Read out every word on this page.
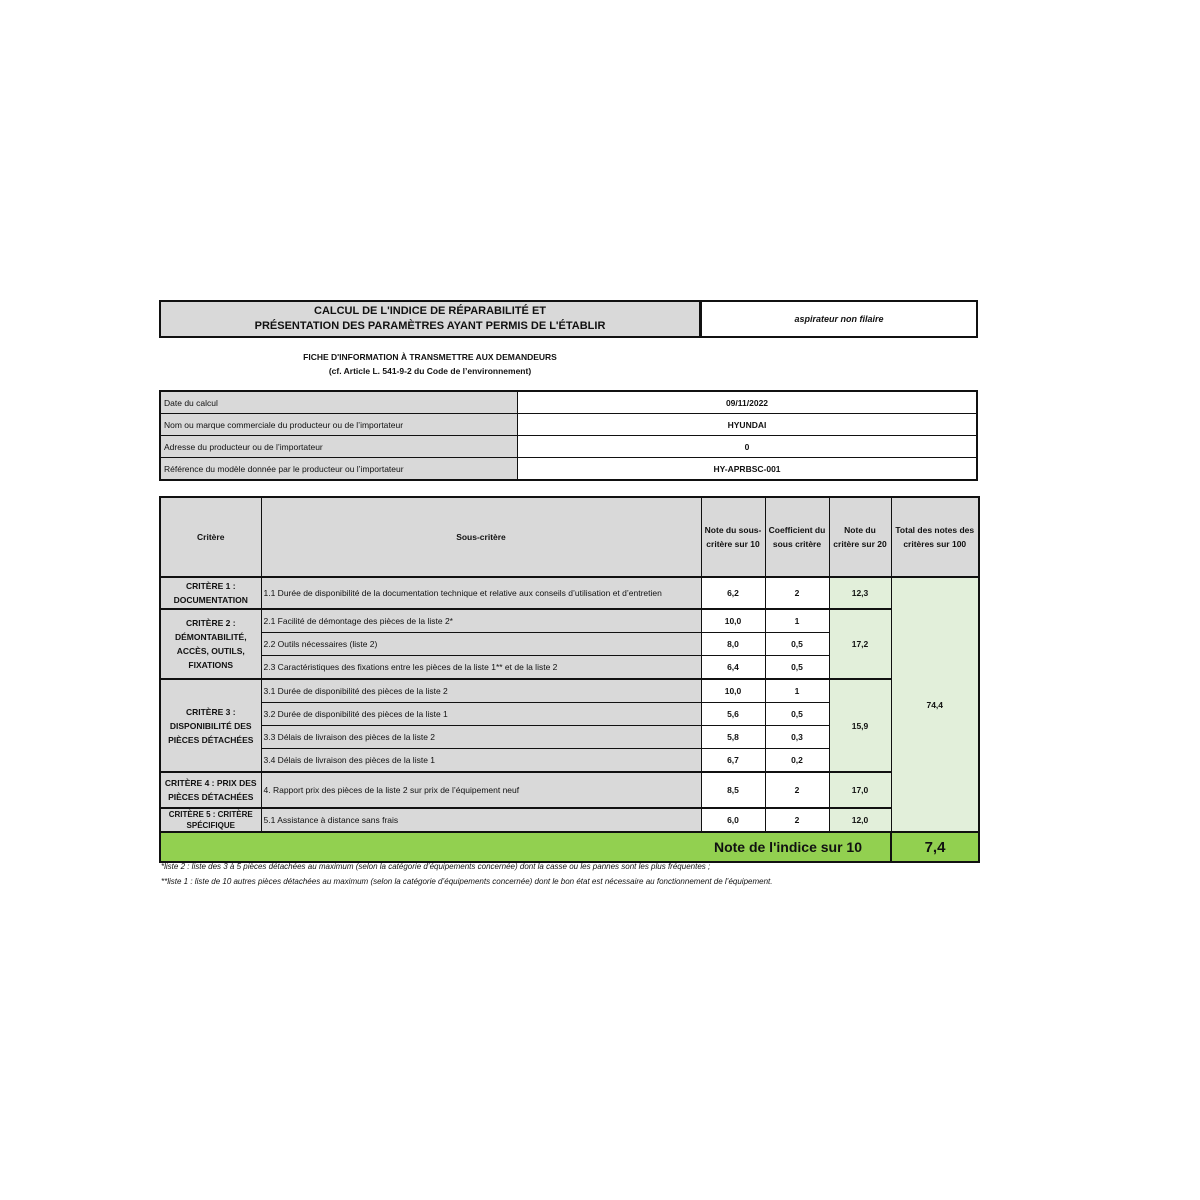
CALCUL DE L'INDICE DE RÉPARABILITÉ ET
PRÉSENTATION DES PARAMÈTRES AYANT PERMIS DE L'ÉTABLIR
aspirateur non filaire
FICHE D'INFORMATION À TRANSMETTRE AUX DEMANDEURS
(cf. Article L. 541-9-2 du Code de l’environnement)
Date du calcul	09/11/2022
Nom ou marque commerciale du producteur ou de l’importateur	HYUNDAI
Adresse du producteur ou de l’importateur	0
Référence du modèle donnée par le producteur ou l’importateur	HY-APRBSC-001
Critère	Sous-critère	Note du sous-critère sur 10	Coefficient du sous critère	Note du critère sur 20	Total des notes des critères sur 100
CRITÈRE 1 : DOCUMENTATION	1.1 Durée de disponibilité de la documentation technique et relative aux conseils d’utilisation et d’entretien	6,2	2	12,3	74,4
CRITÈRE 2 : DÉMONTABILITÉ, ACCÈS, OUTILS, FIXATIONS	2.1 Facilité de démontage des pièces de la liste 2*	10,0	1	17,2	
	2.2 Outils nécessaires (liste 2)	8,0	0,5		
	2.3 Caractéristiques des fixations entre les pièces de la liste 1** et de la liste 2	6,4	0,5		
CRITÈRE 3 : DISPONIBILITÉ DES PIÈCES DÉTACHÉES	3.1 Durée de disponibilité des pièces de la liste 2	10,0	1	15,9	
	3.2 Durée de disponibilité des pièces de la liste 1	5,6	0,5		
	3.3 Délais de livraison des pièces de la liste 2	5,8	0,3		
	3.4 Délais de livraison des pièces de la liste 1	6,7	0,2		
CRITÈRE 4 : PRIX DES PIÈCES DÉTACHÉES	4. Rapport prix des pièces de la liste 2 sur prix de l’équipement neuf	8,5	2	17,0	
CRITÈRE 5 : CRITÈRE SPÉCIFIQUE	5.1 Assistance à distance sans frais	6,0	2	12,0	
Note de l'indice sur 10					7,4
*liste 2 : liste des 3 à 5 pièces détachées au maximum (selon la catégorie d’équipements concernée) dont la casse ou les pannes sont les plus fréquentes ;
**liste 1 : liste de 10 autres pièces détachées au maximum (selon la catégorie d’équipements concernée) dont le bon état est nécessaire au fonctionnement de l’équipement.
